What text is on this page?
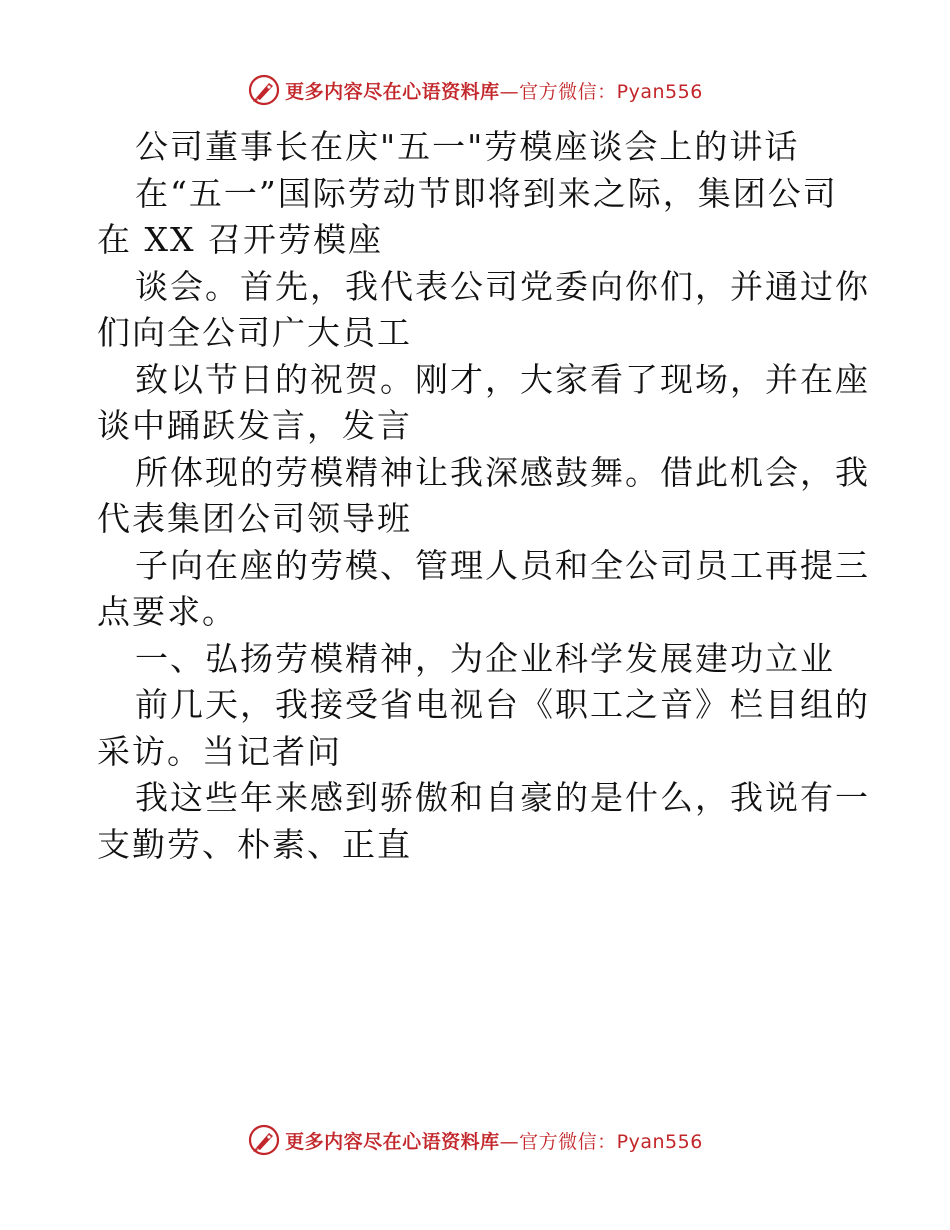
更多内容尽在心语资料库 —官方微信：Pyan556
公司董事长在庆"五一"劳模座谈会上的讲话
在“五一”国际劳动节即将到来之际，集团公司
在 XX 召开劳模座
谈会。首先，我代表公司党委向你们，并通过你
们向全公司广大员工
致以节日的祝贺。刚才，大家看了现场，并在座
谈中踊跃发言，发言
所体现的劳模精神让我深感鼓舞。借此机会，我
代表集团公司领导班
子向在座的劳模、管理人员和全公司员工再提三
点要求。
一、弘扬劳模精神，为企业科学发展建功立业
前几天，我接受省电视台《职工之音》栏目组的
采访。当记者问
我这些年来感到骄傲和自豪的是什么，我说有一
支勤劳、朴素、正直
更多内容尽在心语资料库 —官方微信：Pyan556
